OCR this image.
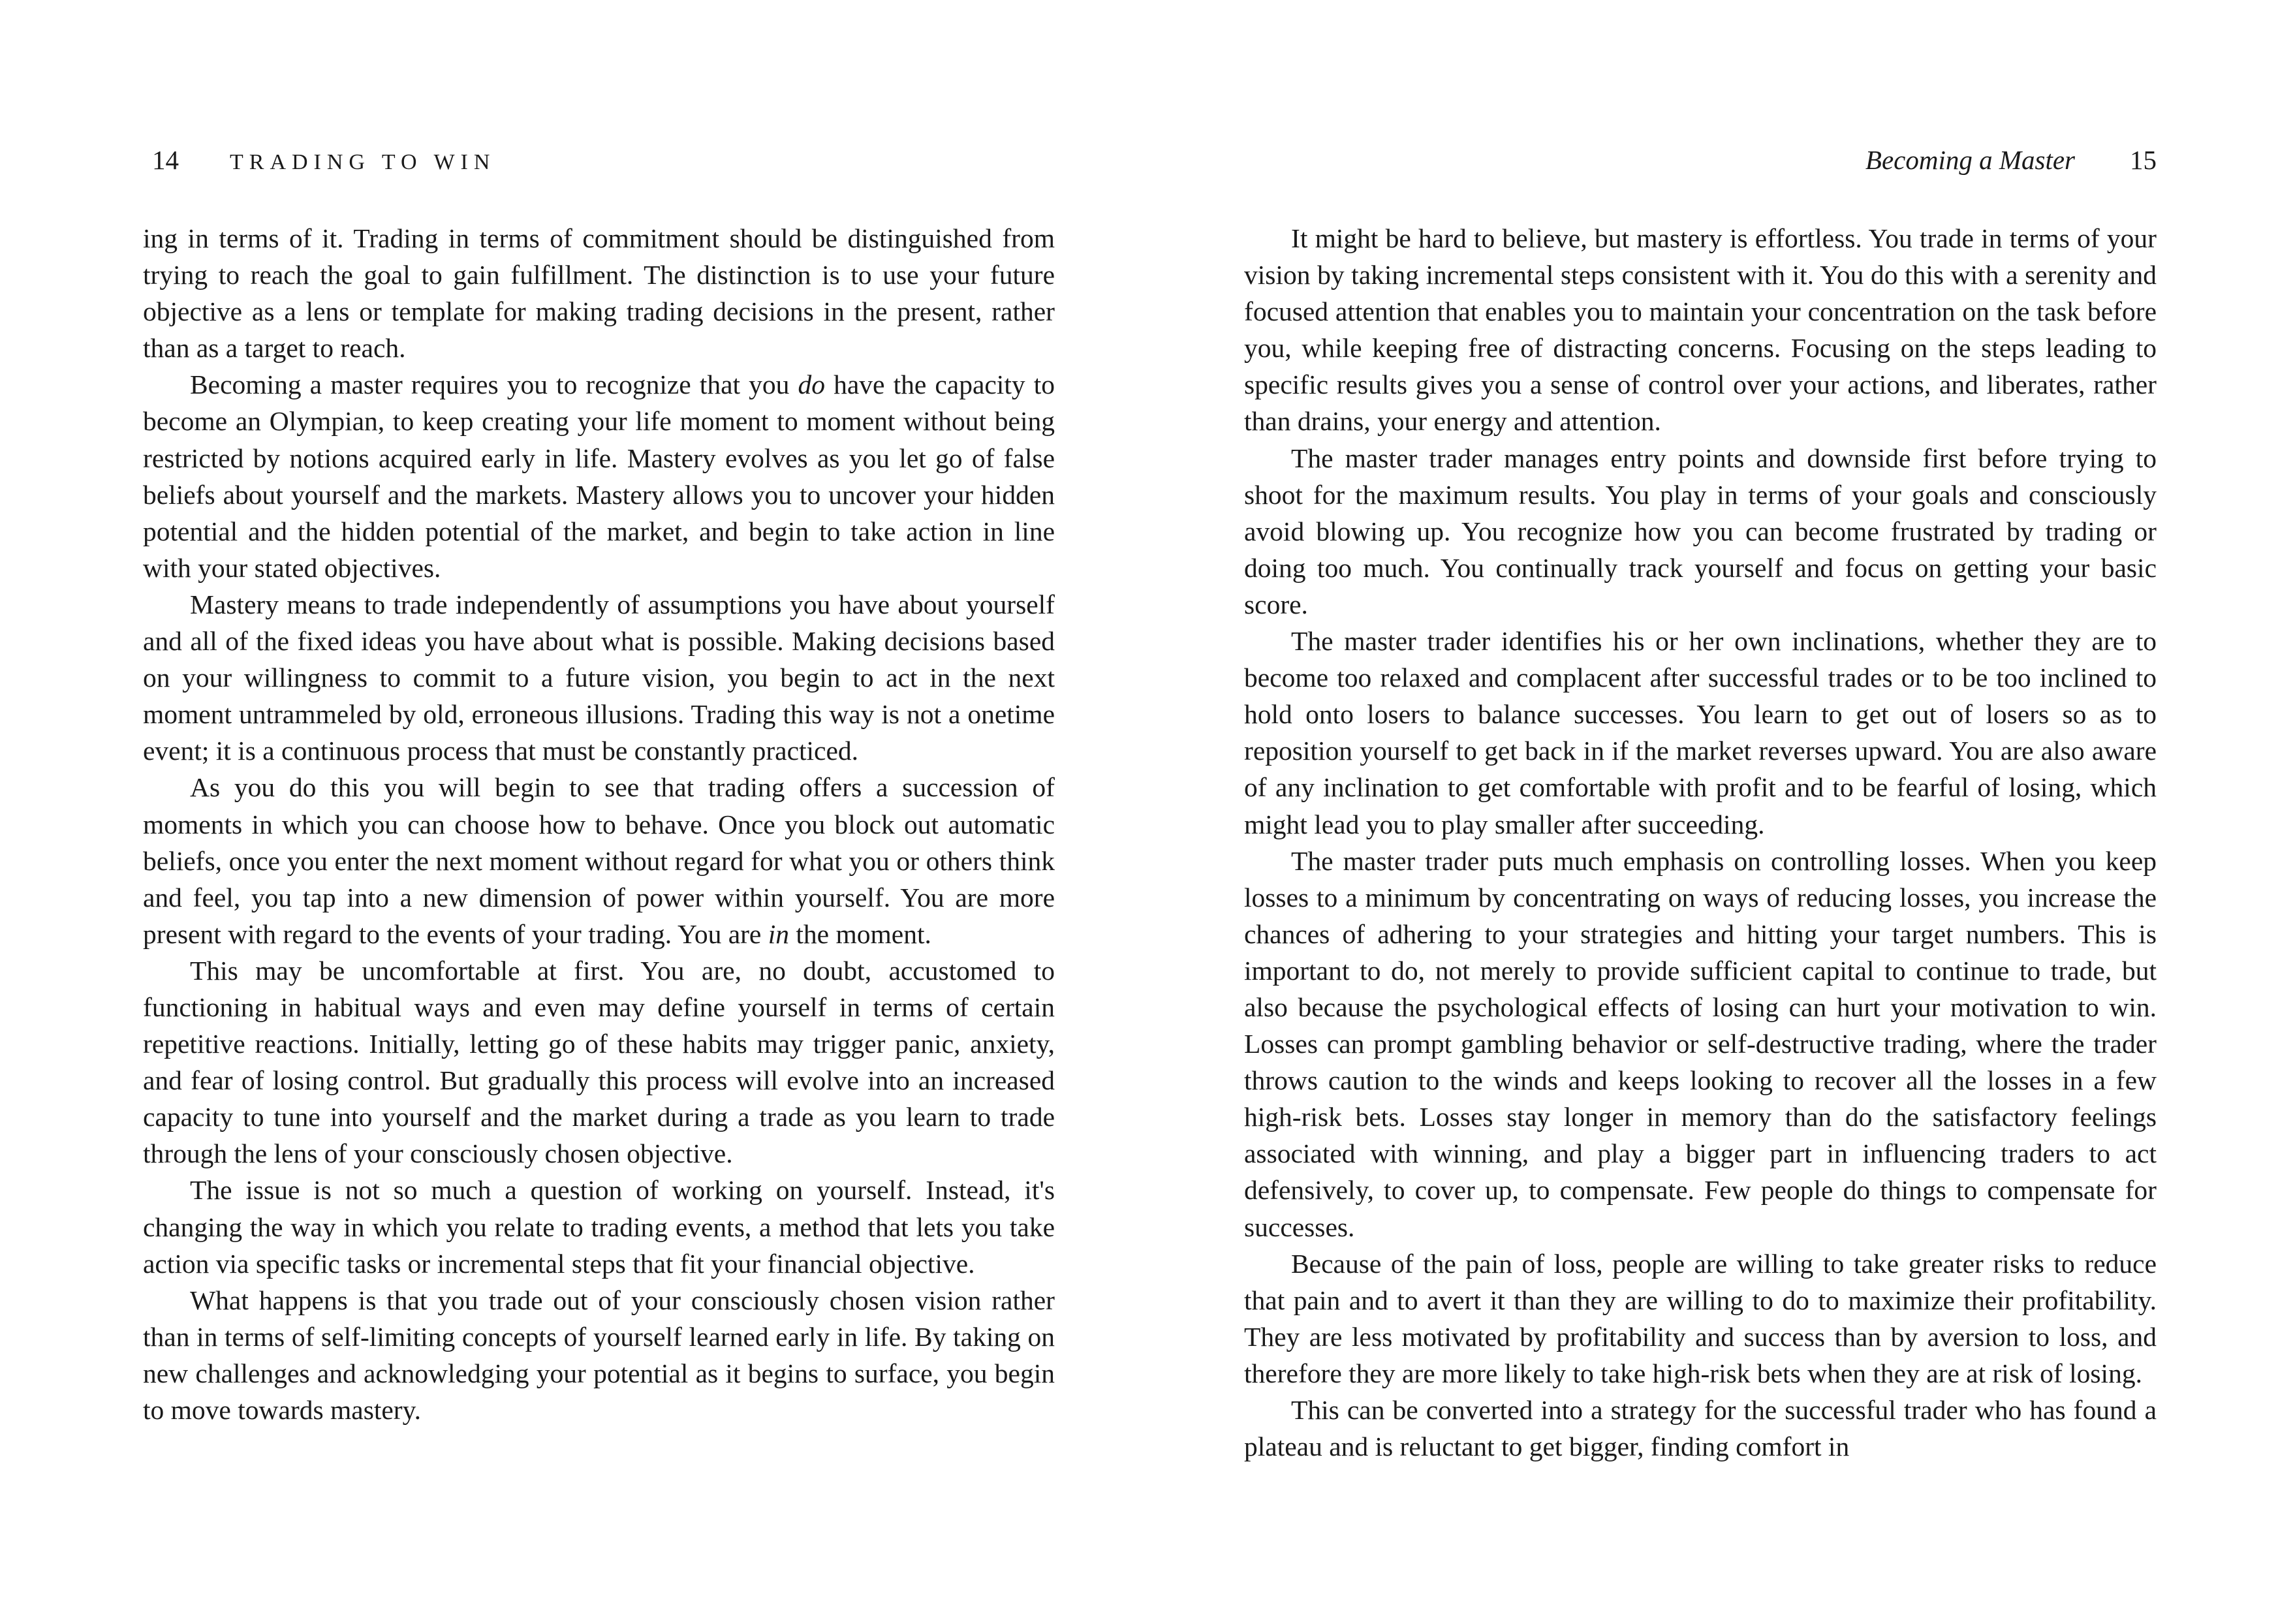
14 TRADING TO WIN

ing in terms of it. Trading in terms of commitment should be distinguished from trying to reach the goal to gain fulfillment. The distinction is to use your future objective as a lens or template for making trading decisions in the present, rather than as a target to reach.

Becoming a master requires you to recognize that you do have the capacity to become an Olympian, to keep creating your life moment to moment without being restricted by notions acquired early in life. Mastery evolves as you let go of false beliefs about yourself and the markets. Mastery allows you to uncover your hidden potential and the hidden potential of the market, and begin to take action in line with your stated objectives.

Mastery means to trade independently of assumptions you have about yourself and all of the fixed ideas you have about what is possible. Making decisions based on your willingness to commit to a future vision, you begin to act in the next moment untrammeled by old, erroneous illusions. Trading this way is not a onetime event; it is a continuous process that must be constantly practiced.

As you do this you will begin to see that trading offers a succession of moments in which you can choose how to behave. Once you block out automatic beliefs, once you enter the next moment without regard for what you or others think and feel, you tap into a new dimension of power within yourself. You are more present with regard to the events of your trading. You are in the moment.

This may be uncomfortable at first. You are, no doubt, accustomed to functioning in habitual ways and even may define yourself in terms of certain repetitive reactions. Initially, letting go of these habits may trigger panic, anxiety, and fear of losing control. But gradually this process will evolve into an increased capacity to tune into yourself and the market during a trade as you learn to trade through the lens of your consciously chosen objective.

The issue is not so much a question of working on yourself. Instead, it's changing the way in which you relate to trading events, a method that lets you take action via specific tasks or incremental steps that fit your financial objective.

What happens is that you trade out of your consciously chosen vision rather than in terms of self-limiting concepts of yourself learned early in life. By taking on new challenges and acknowledging your potential as it begins to surface, you begin to move towards mastery.

Becoming a Master 15

It might be hard to believe, but mastery is effortless. You trade in terms of your vision by taking incremental steps consistent with it. You do this with a serenity and focused attention that enables you to maintain your concentration on the task before you, while keeping free of distracting concerns. Focusing on the steps leading to specific results gives you a sense of control over your actions, and liberates, rather than drains, your energy and attention.

The master trader manages entry points and downside first before trying to shoot for the maximum results. You play in terms of your goals and consciously avoid blowing up. You recognize how you can become frustrated by trading or doing too much. You continually track yourself and focus on getting your basic score.

The master trader identifies his or her own inclinations, whether they are to become too relaxed and complacent after successful trades or to be too inclined to hold onto losers to balance successes. You learn to get out of losers so as to reposition yourself to get back in if the market reverses upward. You are also aware of any inclination to get comfortable with profit and to be fearful of losing, which might lead you to play smaller after succeeding.

The master trader puts much emphasis on controlling losses. When you keep losses to a minimum by concentrating on ways of reducing losses, you increase the chances of adhering to your strategies and hitting your target numbers. This is important to do, not merely to provide sufficient capital to continue to trade, but also because the psychological effects of losing can hurt your motivation to win. Losses can prompt gambling behavior or self-destructive trading, where the trader throws caution to the winds and keeps looking to recover all the losses in a few high-risk bets. Losses stay longer in memory than do the satisfactory feelings associated with winning, and play a bigger part in influencing traders to act defensively, to cover up, to compensate. Few people do things to compensate for successes.

Because of the pain of loss, people are willing to take greater risks to reduce that pain and to avert it than they are willing to do to maximize their profitability. They are less motivated by profitability and success than by aversion to loss, and therefore they are more likely to take high-risk bets when they are at risk of losing.

This can be converted into a strategy for the successful trader who has found a plateau and is reluctant to get bigger, finding comfort in
